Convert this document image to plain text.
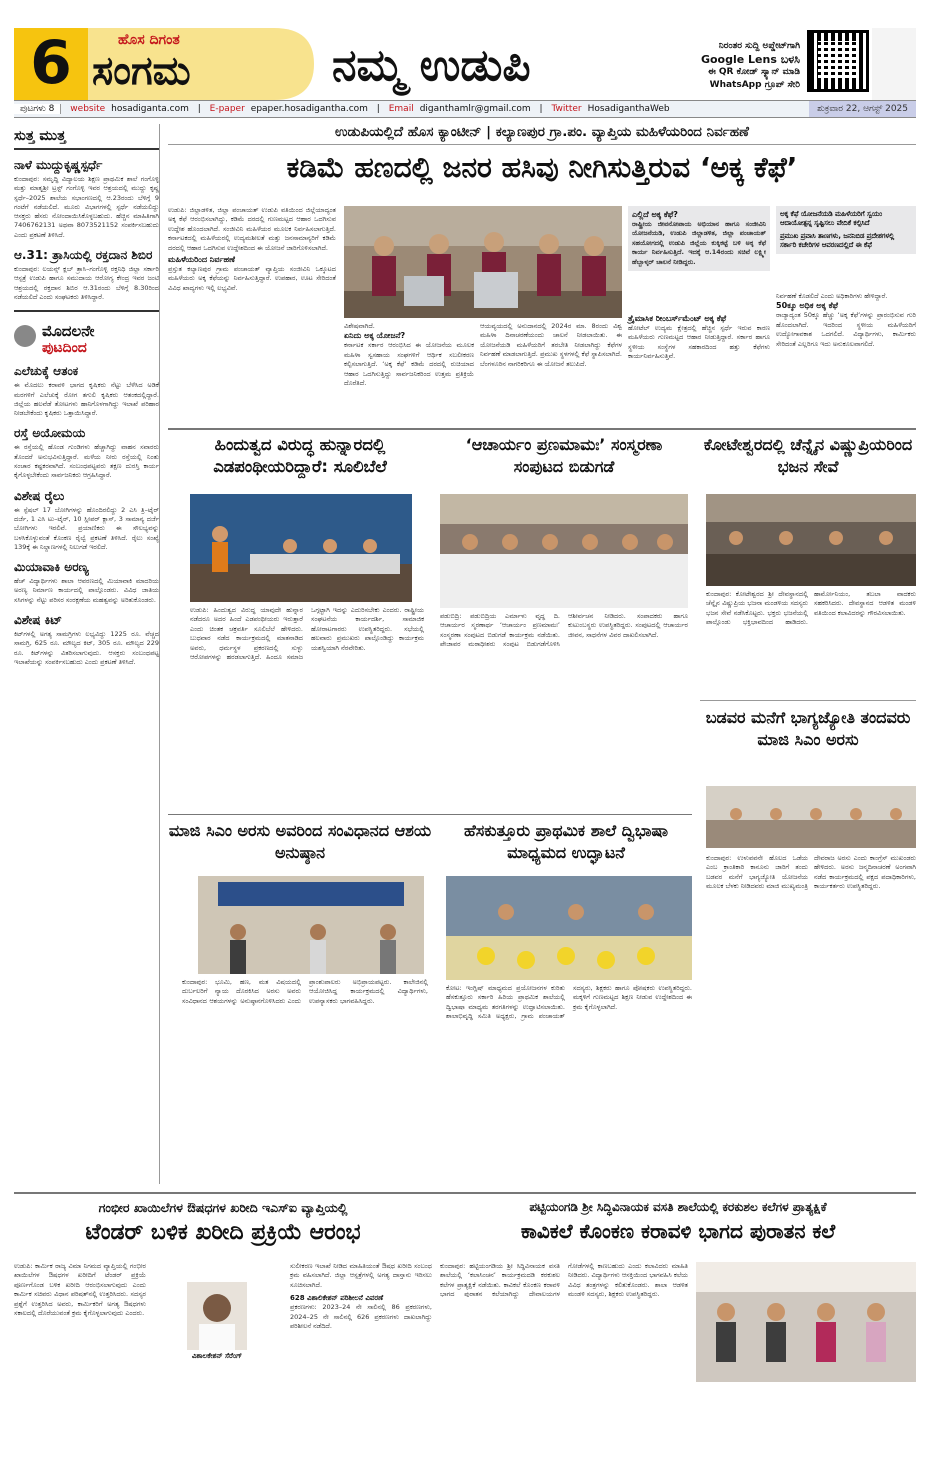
6	ಹೊಸ ದಿಗಂತ
ಸಂಗಮ	ನಮ್ಮ ಉಡುಪಿ	ನಿರಂತರ ಸುದ್ದಿ ಅಪ್ಡೇಟ್‌ಗಾಗಿ
Google Lens ಬಳಸಿ
ಈ QR ಕೋಡ್ ಸ್ಕ್ಯಾನ್ ಮಾಡಿ
WhatsApp ಗ್ರೂಪ್ ಸೇರಿ
ಪುಟಗಳು 8 website hosadiganta.com | E-paper epaper.hosadigantha.com | Email diganthamlr@gmail.com | Twitter HosadiganthaWeb	ಶುಕ್ರವಾರ 22, ಆಗಸ್ಟ್ 2025
ಸುತ್ತ ಮುತ್ತ
ನಾಳೆ ಮುದ್ದುಕೃಷ್ಣಸ್ಪರ್ಧೆ
ಕುಂದಾಪುರ: ಸಮೃದ್ಧಿ ವಿದ್ಯಾಲಯ ಶಿಕ್ಷಣ ಪ್ರಾಥಮಿಕ ಶಾಲೆ ಗಂಗೊಳ್ಳಿ ಮತ್ತು ಮಾತೃಶ್ರೀ ಟ್ರಸ್ಟ್ ಗಂಗೊಳ್ಳಿ ಇವರ ಆಶ್ರಯದಲ್ಲಿ ಮುದ್ದು ಕೃಷ್ಣ ಸ್ಪರ್ಧೆ–2025 ಶಾಲೆಯ ಸಭಾಂಗಣದಲ್ಲಿ ಆ.23ರಂದು ಬೆಳಿಗ್ಗೆ 9 ಗಂಟೆಗೆ ನಡೆಯಲಿದೆ. ಮೂರು ವಿಭಾಗಗಳಲ್ಲಿ ಸ್ಪರ್ಧೆ ನಡೆಯಲಿದ್ದು ಆಸಕ್ತರು ಹೆಸರು ನೋಂದಾಯಿಸಿಕೊಳ್ಳಬಹುದು. ಹೆಚ್ಚಿನ ಮಾಹಿತಿಗಾಗಿ 7406762131 ಅಥವಾ 8073521152 ಸಂಪರ್ಕಿಸಬಹುದು ಎಂದು ಪ್ರಕಟಣೆ ತಿಳಿಸಿದೆ.
ಆ.31: ತ್ರಾಸಿಯಲ್ಲಿ ರಕ್ತದಾನ ಶಿಬಿರ
ಕುಂದಾಪುರ: ಲಯನ್ಸ್ ಕ್ಲಬ್ ತ್ರಾಸಿ–ಗಂಗೊಳ್ಳಿ ರಕ್ತನಿಧಿ ಜಿಲ್ಲಾ ಸರ್ಕಾರಿ ಆಸ್ಪತ್ರೆ ಉಡುಪಿ ಹಾಗೂ ಸಮುದಾಯ ಆರೋಗ್ಯ ಕೇಂದ್ರ ಇವರ ಜಂಟಿ ಆಶ್ರಯದಲ್ಲಿ ರಕ್ತದಾನ ಶಿಬಿರ ಆ.31ರಂದು ಬೆಳಿಗ್ಗೆ 8.30ರಿಂದ ನಡೆಯಲಿದೆ ಎಂದು ಸಂಘಟಕರು ತಿಳಿಸಿದ್ದಾರೆ.
ಮೊದಲನೇ
ಪುಟದಿಂದ
ಎಲೆಚುಕ್ಕೆ ಆತಂಕ
ಈ ಮೊದಲು ಕರಾವಳಿ ಭಾಗದ ಕೃಷಿಕರು ನೆಟ್ಟು ಬೆಳೆಸಿದ ಅಡಿಕೆ ಮರಗಳಿಗೆ ಎಲೆಚುಕ್ಕೆ ರೋಗ ತಗುಲಿ ಕೃಷಿಕರು ಆತಂಕದಲ್ಲಿದ್ದಾರೆ. ಜಿಲ್ಲೆಯ ಹಲವೆಡೆ ತೋಟಗಳು ಹಾನಿಗೊಳಗಾಗಿದ್ದು ಇಲಾಖೆ ಪರಿಹಾರ ನೀಡಬೇಕೆಂದು ಕೃಷಿಕರು ಒತ್ತಾಯಿಸಿದ್ದಾರೆ.
ರಸ್ತೆ ಅಯೋಮಯ
ಈ ರಸ್ತೆಯಲ್ಲಿ ಹೊಂಡ ಗುಂಡಿಗಳು ಹೆಚ್ಚಾಗಿದ್ದು ವಾಹನ ಸವಾರರು ತೊಂದರೆ ಅನುಭವಿಸುತ್ತಿದ್ದಾರೆ. ಮಳೆಯ ನೀರು ರಸ್ತೆಯಲ್ಲಿ ನಿಂತು ಸಂಚಾರ ಕಷ್ಟಕರವಾಗಿದೆ. ಸಂಬಂಧಪಟ್ಟವರು ತಕ್ಷಣ ದುರಸ್ತಿ ಕಾರ್ಯ ಕೈಗೊಳ್ಳಬೇಕೆಂದು ಸಾರ್ವಜನಿಕರು ಆಗ್ರಹಿಸಿದ್ದಾರೆ.
ವಿಶೇಷ ರೈಲು
ಈ ಸ್ಪೆಷಲ್ 17 ಬೋಗಿಗಳನ್ನು ಹೊಂದಿರಲಿದ್ದು 2 ಎಸಿ ತ್ರಿ–ಟೈರ್ ದರ್ಜೆ, 1 ಎಸಿ ಟು–ಟೈರ್, 10 ಸ್ಲೀಪರ್ ಕ್ಲಾಸ್, 3 ಸಾಮಾನ್ಯ ದರ್ಜೆ ಬೋಗಿಗಳು ಇರಲಿವೆ. ಪ್ರಯಾಣಿಕರು ಈ ಸೌಲಭ್ಯವನ್ನು ಬಳಸಿಕೊಳ್ಳುವಂತೆ ಕೊಂಕಣ ರೈಲ್ವೆ ಪ್ರಕಟಣೆ ತಿಳಿಸಿದೆ. ರೈಲು ಸಂಖ್ಯೆ 139ಕ್ಕೆ ಈ ನಿಲ್ದಾಣಗಳಲ್ಲಿ ನಿಲುಗಡೆ ಇರಲಿದೆ.
ಮಿಯಾವಾಕಿ ಅರಣ್ಯ
ಹೆಚ್ ವಿದ್ಯಾರ್ಥಿಗಳು ಶಾಲಾ ಆವರಣದಲ್ಲಿ ಮಿಯಾವಾಕಿ ಮಾದರಿಯ ಅರಣ್ಯ ನಿರ್ಮಾಣ ಕಾರ್ಯದಲ್ಲಿ ಪಾಲ್ಗೊಂಡರು. ವಿವಿಧ ಜಾತಿಯ ಸಸಿಗಳನ್ನು ನೆಟ್ಟು ಪರಿಸರ ಸಂರಕ್ಷಣೆಯ ಮಹತ್ವವನ್ನು ಅರಿತುಕೊಂಡರು.
ವಿಶೇಷ ಕಿಟ್
ಕಿಟ್‌ಗಳಲ್ಲಿ ಅಗತ್ಯ ಸಾಮಗ್ರಿಗಳು ಲಭ್ಯವಿದ್ದು 1225 ರೂ. ವೆಚ್ಚದ ಸಾಮಗ್ರಿ, 625 ರೂ. ಮೌಲ್ಯದ ಕಿಟ್, 305 ರೂ. ಮೌಲ್ಯದ 229 ರೂ. ಕಿಟ್‌ಗಳನ್ನು ವಿತರಿಸಲಾಗುವುದು. ಆಸಕ್ತರು ಸಂಬಂಧಪಟ್ಟ ಇಲಾಖೆಯನ್ನು ಸಂಪರ್ಕಿಸಬಹುದು ಎಂದು ಪ್ರಕಟಣೆ ತಿಳಿಸಿದೆ.
ಉಡುಪಿಯಲ್ಲಿದೆ ಹೊಸ ಕ್ಯಾಂಟೀನ್ | ಕಲ್ಯಾಣಪುರ ಗ್ರಾ.ಪಂ. ವ್ಯಾಪ್ತಿಯ ಮಹಿಳೆಯರಿಂದ ನಿರ್ವಹಣೆ
ಕಡಿಮೆ ಹಣದಲ್ಲಿ ಜನರ ಹಸಿವು ನೀಗಿಸುತ್ತಿರುವ ‘ಅಕ್ಕ ಕೆಫೆ’
ಉಡುಪಿ: ಜಿಲ್ಲಾಡಳಿತ, ಜಿಲ್ಲಾ ಪಂಚಾಯತ್ ಉಡುಪಿ ವತಿಯಿಂದ ಜಿಲ್ಲೆಯಾದ್ಯಂತ ಅಕ್ಕ ಕೆಫೆ ಆರಂಭಿಸಲಾಗಿದ್ದು, ಕಡಿಮೆ ದರದಲ್ಲಿ ಗುಣಮಟ್ಟದ ಆಹಾರ ಒದಗಿಸುವ ಉದ್ದೇಶ ಹೊಂದಲಾಗಿದೆ. ಸಂಜೀವಿನಿ ಮಹಿಳೆಯರ ಮೂಲಕ ನಿರ್ವಹಿಸಲಾಗುತ್ತಿದೆ. ಕರ್ನಾಟಕದಲ್ಲಿ ಮಹಿಳೆಯರಲ್ಲಿ ಉದ್ಯಮಶೀಲತೆ ಮತ್ತು ಜನಸಾಮಾನ್ಯರಿಗೆ ಕಡಿಮೆ ದರದಲ್ಲಿ ಆಹಾರ ಒದಗಿಸುವ ಉದ್ದೇಶದಿಂದ ಈ ಯೋಜನೆ ಜಾರಿಗೊಳಿಸಲಾಗಿದೆ.
ಮಹಿಳೆಯರಿಂದ ನಿರ್ವಹಣೆ
ಪ್ರಸ್ತುತ ಕಲ್ಯಾಣಪುರ ಗ್ರಾಮ ಪಂಚಾಯತ್ ವ್ಯಾಪ್ತಿಯ ಸಂಜೀವಿನಿ ಒಕ್ಕೂಟದ ಮಹಿಳೆಯರು ಅಕ್ಕ ಕೆಫೆಯನ್ನು ನಿರ್ವಹಿಸುತ್ತಿದ್ದಾರೆ. ಉಪಹಾರ, ಊಟ ಸೇರಿದಂತೆ ವಿವಿಧ ಖಾದ್ಯಗಳು ಇಲ್ಲಿ ಲಭ್ಯವಿವೆ.
ವಿಶೇಷವಾಗಿದೆ.
ಏನಿದು ಅಕ್ಕ ಯೋಜನೆ?
ಕರ್ನಾಟಕ ಸರ್ಕಾರ ಆರಂಭಿಸಿದ ಈ ಯೋಜನೆಯ ಮೂಲಕ ಮಹಿಳಾ ಸ್ವಸಹಾಯ ಸಂಘಗಳಿಗೆ ಆರ್ಥಿಕ ಸಬಲೀಕರಣ ಕಲ್ಪಿಸಲಾಗುತ್ತಿದೆ. ‘ಅಕ್ಕ ಕೆಫೆ’ ಕಡಿಮೆ ದರದಲ್ಲಿ ರುಚಿಯಾದ ಆಹಾರ ಒದಗಿಸುತ್ತಿದ್ದು ಸಾರ್ವಜನಿಕರಿಂದ ಉತ್ತಮ ಪ್ರತಿಕ್ರಿಯೆ ದೊರೆತಿದೆ.
ಆಯವ್ಯಯದಲ್ಲಿ ಅನುದಾನದಲ್ಲಿ 2024ರ ಮಾ. 8ರಂದು ವಿಶ್ವ ಮಹಿಳಾ ದಿನಾಚರಣೆಯಂದು ಚಾಲನೆ ನೀಡಲಾಯಿತು. ಈ ಯೋಜನೆಯಡಿ ಮಹಿಳೆಯರಿಗೆ ತರಬೇತಿ ನೀಡಲಾಗಿದ್ದು ಕೆಫೆಗಳ ನಿರ್ವಹಣೆ ಮಾಡಲಾಗುತ್ತಿದೆ. ಪ್ರಮುಖ ಸ್ಥಳಗಳಲ್ಲಿ ಕೆಫೆ ಸ್ಥಾಪಿಸಲಾಗಿದೆ. ಬೆಂಗಳೂರಿನ ನಾಗರಿಕರಿಗೂ ಈ ಯೋಜನೆ ತಲುಪಿದೆ.
ಎಲ್ಲಿದೆ ಅಕ್ಕ ಕೆಫೆ?
ರಾಷ್ಟ್ರೀಯ ಜೀವನೋಪಾಯ ಅಭಿಯಾನ ಹಾಗೂ ಸಂಜೀವಿನಿ ಯೋಜನೆಯಡಿ, ಉಡುಪಿ ಜಿಲ್ಲಾಡಳಿತ, ಜಿಲ್ಲಾ ಪಂಚಾಯತ್ ಸಹಯೋಗದಲ್ಲಿ ಉಡುಪಿ ಜಿಲ್ಲೆಯ ಕುಕ್ಕಿಕಟ್ಟೆ ಬಳಿ ಅಕ್ಕ ಕೆಫೆ ಕಾರ್ಯ ನಿರ್ವಹಿಸುತ್ತಿದೆ. ಇದಕ್ಕೆ ಆ.14ರಂದು ಸಚಿವೆ ಲಕ್ಷ್ಮೀ ಹೆಬ್ಬಾಳ್ಕರ್ ಚಾಲನೆ ನೀಡಿದ್ದರು.
ತ್ರೈಮಾಸಿಕ ರೀಂಬರ್ಸ್‌ಮೆಂಟ್ ಅಕ್ಕ ಕೆಫೆ
ಹೋಟೆಲ್ ಉದ್ಯಮ ಕ್ಷೇತ್ರದಲ್ಲಿ ಹೆಚ್ಚಿನ ಸ್ಪರ್ಧೆ ಇರುವ ಕಾರಣ ಮಹಿಳೆಯರು ಗುಣಮಟ್ಟದ ಆಹಾರ ನೀಡುತ್ತಿದ್ದಾರೆ. ಸರ್ಕಾರ ಹಾಗೂ ಸ್ಥಳೀಯ ಸಂಸ್ಥೆಗಳ ಸಹಕಾರದಿಂದ ಹತ್ತು ಕೆಫೆಗಳು ಕಾರ್ಯನಿರ್ವಹಿಸುತ್ತಿವೆ.
ಅಕ್ಕ ಕೆಫೆ ಯೋಜನೆಯಡಿ ಮಹಿಳೆಯರಿಗೆ ಸ್ವಯಂ ಆದಾಯೋತ್ಪನ್ನ ಸೃಷ್ಟಿಸಲು ವೇದಿಕೆ ಕಲ್ಪಿಸಿದೆ
ಪ್ರಮುಖ ಪ್ರವಾಸಿ ತಾಣಗಳು, ಜನನಿಬಿಡ ಪ್ರದೇಶಗಳಲ್ಲಿ ಸರ್ಕಾರಿ ಕಚೇರಿಗಳ ಆವರಣದಲ್ಲಿದೆ ಈ ಕೆಫೆ
ನಿರ್ವಹಣೆ ಕೊಡಲಿದೆ ಎಂದು ಅಧಿಕಾರಿಗಳು ಹೇಳಿದ್ದಾರೆ.
50ಕ್ಕೂ ಅಧಿಕ ಅಕ್ಕ ಕೆಫೆ
ರಾಜ್ಯಾದ್ಯಂತ 50ಕ್ಕೂ ಹೆಚ್ಚು ‘ಅಕ್ಕ ಕೆಫೆ’ಗಳನ್ನು ಪ್ರಾರಂಭಿಸುವ ಗುರಿ ಹೊಂದಲಾಗಿದೆ. ಇದರಿಂದ ಸ್ಥಳೀಯ ಮಹಿಳೆಯರಿಗೆ ಉದ್ಯೋಗಾವಕಾಶ ಒದಗಲಿದೆ. ವಿದ್ಯಾರ್ಥಿಗಳು, ಕಾರ್ಮಿಕರು ಸೇರಿದಂತೆ ಎಲ್ಲರಿಗೂ ಇದು ಅನುಕೂಲವಾಗಲಿದೆ.
ಹಿಂದುತ್ವದ ವಿರುದ್ಧ ಹುನ್ನಾರದಲ್ಲಿ ಎಡಪಂಥೀಯರಿದ್ದಾರೆ: ಸೂಲಿಬೆಲೆ
ಉಡುಪಿ: ಹಿಂದುತ್ವದ ವಿರುದ್ಧ ಯಾವುದೇ ಹುನ್ನಾರ ನಡೆದರೂ ಅದರ ಹಿಂದೆ ಎಡಪಂಥೀಯರು ಇರುತ್ತಾರೆ ಎಂದು ಚಿಂತಕ ಚಕ್ರವರ್ತಿ ಸೂಲಿಬೆಲೆ ಹೇಳಿದರು. ಬುಧವಾರ ನಡೆದ ಕಾರ್ಯಕ್ರಮದಲ್ಲಿ ಮಾತನಾಡಿದ ಅವರು, ಧರ್ಮಸ್ಥಳ ಪ್ರಕರಣದಲ್ಲಿ ಸುಳ್ಳು ಆರೋಪಗಳನ್ನು ಹರಡಲಾಗುತ್ತಿದೆ. ಹಿಂದೂ ಸಮಾಜ ಒಗ್ಗಟ್ಟಾಗಿ ಇದನ್ನು ಎದುರಿಸಬೇಕು ಎಂದರು. ರಾಷ್ಟ್ರೀಯ ಸಂಘಟನೆಯ ಕಾರ್ಯದರ್ಶಿ, ಸಾಮಾಜಿಕ ಹೋರಾಟಗಾರರು ಉಪಸ್ಥಿತರಿದ್ದರು. ಸಭೆಯಲ್ಲಿ ಹಲವಾರು ಪ್ರಮುಖರು ಪಾಲ್ಗೊಂಡಿದ್ದು ಕಾರ್ಯಕ್ರಮ ಯಶಸ್ವಿಯಾಗಿ ನೆರವೇರಿತು.
‘ಆಚಾರ್ಯಂ ಪ್ರಣಮಾಮಃ’ ಸಂಸ್ಮರಣಾ ಸಂಪುಟದ ಬಿಡುಗಡೆ
ಪಡುಬಿದ್ರಿ: ಪಡುಬಿದ್ರಿಯ ಎರ್ಮಾಳು ವೃದ್ಧ ದಿ. ಆಚಾರ್ಯರ ಸ್ಮರಣಾರ್ಥ ‘ಆಚಾರ್ಯಂ ಪ್ರಣಮಾಮಃ’ ಸಂಸ್ಮರಣಾ ಸಂಪುಟದ ಬಿಡುಗಡೆ ಕಾರ್ಯಕ್ರಮ ನಡೆಯಿತು. ಪೇಜಾವರ ಮಠಾಧೀಶರು ಸಂಪುಟ ಬಿಡುಗಡೆಗೊಳಿಸಿ ಆಶೀರ್ವಚನ ನೀಡಿದರು. ಸಂಪಾದಕರು ಹಾಗೂ ಕುಟುಂಬಸ್ಥರು ಉಪಸ್ಥಿತರಿದ್ದರು. ಸಂಪುಟದಲ್ಲಿ ಆಚಾರ್ಯರ ಜೀವನ, ಸಾಧನೆಗಳ ವಿವರ ದಾಖಲಿಸಲಾಗಿದೆ.
ಕೋಟೇಶ್ವರದಲ್ಲಿ ಚೆನ್ನೈನ ವಿಷ್ಣುಪ್ರಿಯರಿಂದ ಭಜನ ಸೇವೆ
ಕುಂದಾಪುರ: ಕೋಟೇಶ್ವರದ ಶ್ರೀ ದೇವಸ್ಥಾನದಲ್ಲಿ ಚೆನ್ನೈನ ವಿಷ್ಣುಪ್ರಿಯ ಭಜನಾ ಮಂಡಳಿಯ ಸದಸ್ಯರು ಭಜನ ಸೇವೆ ನಡೆಸಿಕೊಟ್ಟರು. ಭಕ್ತರು ಭಜನೆಯಲ್ಲಿ ಪಾಲ್ಗೊಂಡು ಭಕ್ತಿಭಾವದಿಂದ ಹಾಡಿದರು. ಹಾರ್ಮೋನಿಯಂ, ತಬಲಾ ವಾದಕರು ಸಹಕರಿಸಿದರು. ದೇವಸ್ಥಾನದ ಆಡಳಿತ ಮಂಡಳಿ ವತಿಯಿಂದ ಕಲಾವಿದರನ್ನು ಗೌರವಿಸಲಾಯಿತು.
ಬಡವರ ಮನೆಗೆ ಭಾಗ್ಯಜ್ಯೋತಿ ತಂದವರು ಮಾಜಿ ಸಿಎಂ ಅರಸು
ಕುಂದಾಪುರ: ಉಳುವವನೇ ಹೊಲದ ಒಡೆಯ ಎಂಬ ಕ್ರಾಂತಿಕಾರಿ ಕಾನೂನು ಜಾರಿಗೆ ತಂದು ಬಡವರ ಮನೆಗೆ ಭಾಗ್ಯಜ್ಯೋತಿ ಯೋಜನೆಯ ಮೂಲಕ ಬೆಳಕು ನೀಡಿದವರು ಮಾಜಿ ಮುಖ್ಯಮಂತ್ರಿ ದೇವರಾಜ ಅರಸು ಎಂದು ಕಾಂಗ್ರೆಸ್ ಮುಖಂಡರು ಹೇಳಿದರು. ಅರಸು ಜನ್ಮದಿನಾಚರಣೆ ಅಂಗವಾಗಿ ನಡೆದ ಕಾರ್ಯಕ್ರಮದಲ್ಲಿ ಪಕ್ಷದ ಪದಾಧಿಕಾರಿಗಳು, ಕಾರ್ಯಕರ್ತರು ಉಪಸ್ಥಿತರಿದ್ದರು.
ಮಾಜಿ ಸಿಎಂ ಅರಸು ಅವರಿಂದ ಸಂವಿಧಾನದ ಆಶಯ ಅನುಷ್ಠಾನ
ಕುಂದಾಪುರ: ಭೂಮಿ, ಹಣ, ಮತ ವಿಷಯದಲ್ಲಿ ದುರ್ಬಲರಿಗೆ ನ್ಯಾಯ ದೊರಕಿಸಿದ ಅರಸು ಅವರು ಸಂವಿಧಾನದ ಆಶಯಗಳನ್ನು ಅನುಷ್ಠಾನಗೊಳಿಸಿದರು ಎಂದು ಪ್ರಾಂಶುಪಾಲರು ಅಭಿಪ್ರಾಯಪಟ್ಟರು. ಕಾಲೇಜಿನಲ್ಲಿ ಆಯೋಜಿಸಿದ್ದ ಕಾರ್ಯಕ್ರಮದಲ್ಲಿ ವಿದ್ಯಾರ್ಥಿಗಳು, ಉಪನ್ಯಾಸಕರು ಭಾಗವಹಿಸಿದ್ದರು.
ಹೆಸಕುತ್ತೂರು ಪ್ರಾಥಮಿಕ ಶಾಲೆ ದ್ವಿಭಾಷಾ ಮಾಧ್ಯಮದ ಉದ್ಘಾಟನೆ
ಕೋಟ: ಇಂಗ್ಲಿಷ್ ಮಾಧ್ಯಮದ ಪ್ರಯೋಜನಗಳ ಕುರಿತು ಹೆಸಕುತ್ತೂರು ಸರ್ಕಾರಿ ಹಿರಿಯ ಪ್ರಾಥಮಿಕ ಶಾಲೆಯಲ್ಲಿ ದ್ವಿಭಾಷಾ ಮಾಧ್ಯಮ ತರಗತಿಗಳನ್ನು ಉದ್ಘಾಟಿಸಲಾಯಿತು. ಶಾಲಾಭಿವೃದ್ಧಿ ಸಮಿತಿ ಅಧ್ಯಕ್ಷರು, ಗ್ರಾಮ ಪಂಚಾಯತ್ ಸದಸ್ಯರು, ಶಿಕ್ಷಕರು ಹಾಗೂ ಪೋಷಕರು ಉಪಸ್ಥಿತರಿದ್ದರು. ಮಕ್ಕಳಿಗೆ ಗುಣಮಟ್ಟದ ಶಿಕ್ಷಣ ನೀಡುವ ಉದ್ದೇಶದಿಂದ ಈ ಕ್ರಮ ಕೈಗೊಳ್ಳಲಾಗಿದೆ.
ಗಂಭೀರ ಖಾಯಿಲೆಗಳ ಔಷಧಗಳ ಖರೀದಿ ಇಎಸ್ಐ ವ್ಯಾಪ್ತಿಯಲ್ಲಿ
ಟೆಂಡರ್ ಬಳಿಕ ಖರೀದಿ ಪ್ರಕ್ರಿಯೆ ಆರಂಭ
ಉಡುಪಿ: ಕಾರ್ಮಿಕ ರಾಜ್ಯ ವಿಮಾ ನಿಗಮದ ವ್ಯಾಪ್ತಿಯಲ್ಲಿ ಗಂಭೀರ ಖಾಯಿಲೆಗಳ ಔಷಧಗಳ ಖರೀದಿಗೆ ಟೆಂಡರ್ ಪ್ರಕ್ರಿಯೆ ಪೂರ್ಣಗೊಂಡ ಬಳಿಕ ಖರೀದಿ ಆರಂಭಿಸಲಾಗುವುದು ಎಂದು ಕಾರ್ಮಿಕ ಸಚಿವರು ವಿಧಾನ ಪರಿಷತ್‌ನಲ್ಲಿ ಉತ್ತರಿಸಿದರು. ಸದಸ್ಯರ ಪ್ರಶ್ನೆಗೆ ಉತ್ತರಿಸಿದ ಅವರು, ಕಾರ್ಮಿಕರಿಗೆ ಅಗತ್ಯ ಔಷಧಗಳು ಸಕಾಲದಲ್ಲಿ ದೊರೆಯುವಂತೆ ಕ್ರಮ ಕೈಗೊಳ್ಳಲಾಗುವುದು ಎಂದರು.
ವಿಶಾಲಕೇಶನ್ ಸೆರೆಂಗ್
ಸುಲೀಕರಣ ಇಲಾಖೆ ನೀಡಿದ ಮಾಹಿತಿಯಂತೆ ಔಷಧ ಖರೀದಿ ಸಂಬಂಧ ಕ್ರಮ ವಹಿಸಲಾಗಿದೆ. ಜಿಲ್ಲಾ ಆಸ್ಪತ್ರೆಗಳಲ್ಲಿ ಅಗತ್ಯ ದಾಸ್ತಾನು ಇರಿಸಲು ಸೂಚಿಸಲಾಗಿದೆ.
628 ವಿಶಾಲಿಕೇಶನ್ ಪರಿಶೀಲನೆ ವಿವರಣೆ
ಪ್ರಕರಣಗಳು: 2023–24 ನೇ ಸಾಲಿನಲ್ಲಿ 86 ಪ್ರಕರಣಗಳು, 2024–25 ನೇ ಸಾಲಿನಲ್ಲಿ 626 ಪ್ರಕರಣಗಳು ದಾಖಲಾಗಿದ್ದು ಪರಿಶೀಲನೆ ನಡೆದಿದೆ.
ಪಟ್ಟಿಯಂಗಡಿ ಶ್ರೀ ಸಿದ್ಧಿವಿನಾಯಕ ವಸತಿ ಶಾಲೆಯಲ್ಲಿ ಕರಕುಶಲ ಕಲೆಗಳ ಪ್ರಾತ್ಯಕ್ಷಿಕೆ
ಕಾವಿಕಲೆ ಕೊಂಕಣ ಕರಾವಳಿ ಭಾಗದ ಪುರಾತನ ಕಲೆ
ಕುಂದಾಪುರ: ಹಟ್ಟಿಯಂಗಡಿಯ ಶ್ರೀ ಸಿದ್ಧಿವಿನಾಯಕ ವಸತಿ ಶಾಲೆಯಲ್ಲಿ ‘ಕಲಾಸಿಂಚನ’ ಕಾರ್ಯಕ್ರಮದಡಿ ಕರಕುಶಲ ಕಲೆಗಳ ಪ್ರಾತ್ಯಕ್ಷಿಕೆ ನಡೆಯಿತು. ಕಾವಿಕಲೆ ಕೊಂಕಣ ಕರಾವಳಿ ಭಾಗದ ಪುರಾತನ ಕಲೆಯಾಗಿದ್ದು ದೇವಾಲಯಗಳ ಗೋಡೆಗಳಲ್ಲಿ ಕಾಣಬಹುದು ಎಂದು ಕಲಾವಿದರು ಮಾಹಿತಿ ನೀಡಿದರು. ವಿದ್ಯಾರ್ಥಿಗಳು ಆಸಕ್ತಿಯಿಂದ ಭಾಗವಹಿಸಿ ಕಲೆಯ ವಿವಿಧ ತಂತ್ರಗಳನ್ನು ಕಲಿತುಕೊಂಡರು. ಶಾಲಾ ಆಡಳಿತ ಮಂಡಳಿ ಸದಸ್ಯರು, ಶಿಕ್ಷಕರು ಉಪಸ್ಥಿತರಿದ್ದರು.
